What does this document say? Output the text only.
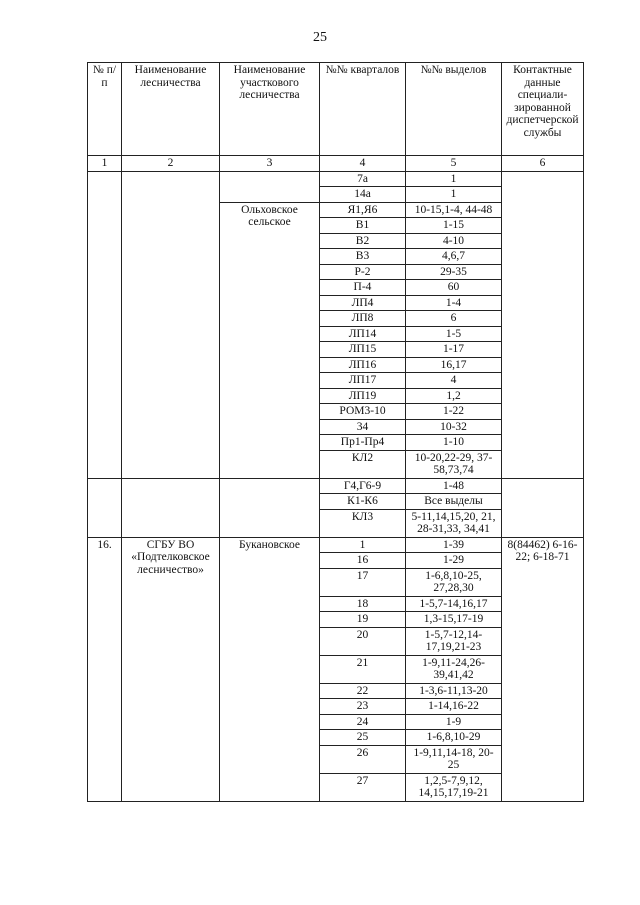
25
№ п/п	Наименование лесничества	Наименование участкового лесничества	№№ кварталов	№№ выделов	Контактные данные специали-зированной диспетчерской службы
1	2	3	4	5	6
			7а	1	
			14а	1	
		Ольховское сельское	Я1,Я6	10-15,1-4, 44-48	
			В1	1-15	
			В2	4-10	
			В3	4,6,7	
			Р-2	29-35	
			П-4	60	
			ЛП4	1-4	
			ЛП8	6	
			ЛП14	1-5	
			ЛП15	1-17	
			ЛП16	16,17	
			ЛП17	4	
			ЛП19	1,2	
			РОМ3-10	1-22	
			34	10-32	
			Пр1-Пр4	1-10	
			КЛ2	10-20,22-29, 37-58,73,74	
			Г4,Г6-9	1-48	
			К1-К6	Все выделы	
			КЛ3	5-11,14,15,20, 21, 28-31,33, 34,41	
16.	СГБУ ВО «Подтелковское лесничество»	Букановское	1	1-39	8(84462) 6-16-22; 6-18-71
			16	1-29	
			17	1-6,8,10-25, 27,28,30	
			18	1-5,7-14,16,17	
			19	1,3-15,17-19	
			20	1-5,7-12,14-17,19,21-23	
			21	1-9,11-24,26-39,41,42	
			22	1-3,6-11,13-20	
			23	1-14,16-22	
			24	1-9	
			25	1-6,8,10-29	
			26	1-9,11,14-18, 20-25	
			27	1,2,5-7,9,12, 14,15,17,19-21	
